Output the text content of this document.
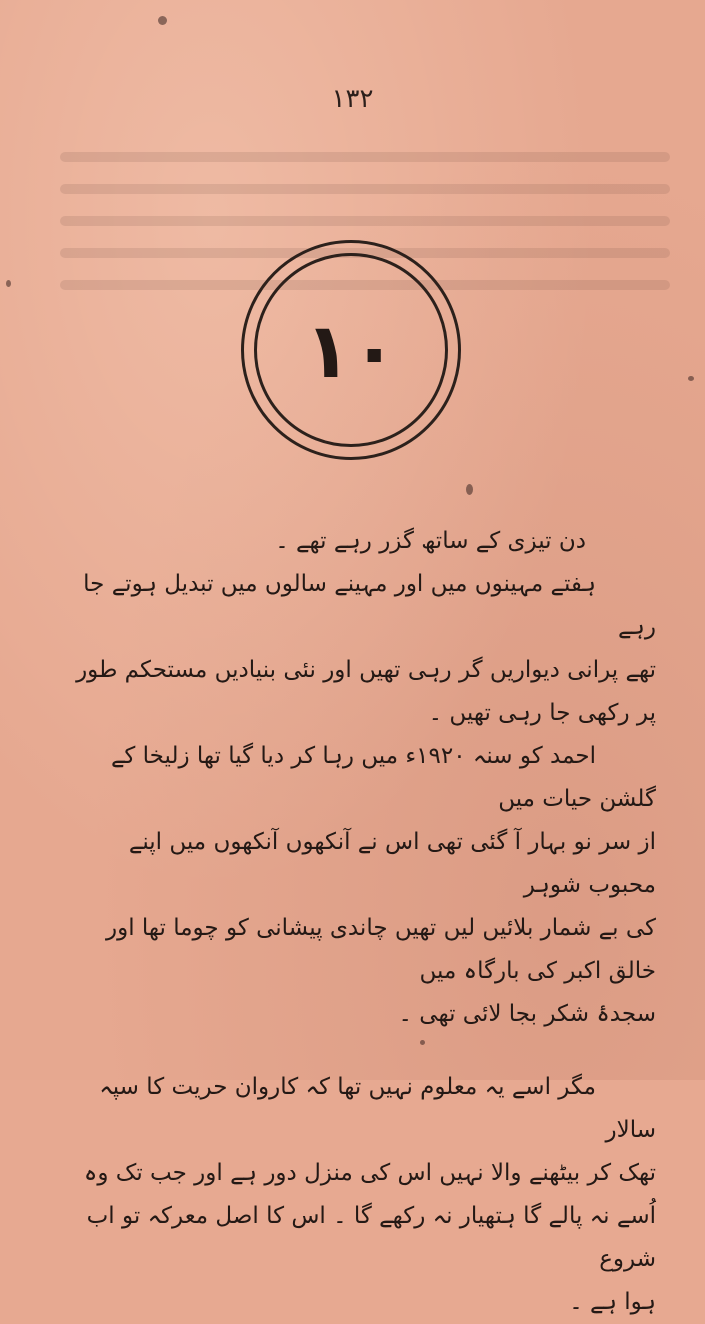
۱۳۲
۱۰

دن تیزی کے ساتھ گزر رہے تھے ۔

ہفتے مہینوں میں اور مہینے سالوں میں تبدیل ہوتے جا رہے

تھے پرانی دیواریں گر رہی تھیں اور نئی بنیادیں مستحکم طور پر رکھی جا رہی تھیں ۔

احمد کو سنہ ۱۹۲۰ء میں رہا کر دیا گیا تھا زلیخا کے گلشن حیات میں

از سر نو بہار آ گئی تھی اس نے آنکھوں آنکھوں میں اپنے محبوب شوہر

کی بے شمار بلائیں لیں تھیں چاندی پیشانی کو چوما تھا اور خالق اکبر کی بارگاہ میں

سجدۂ شکر بجا لائی تھی ۔

مگر اسے یہ معلوم نہیں تھا کہ کاروان حریت کا سپہ سالار

تھک کر بیٹھنے والا نہیں اس کی منزل دور ہے اور جب تک وہ

اُسے نہ پالے گا ہتھیار نہ رکھے گا ۔ اس کا اصل معرکہ تو اب شروع

ہوا ہے ۔
